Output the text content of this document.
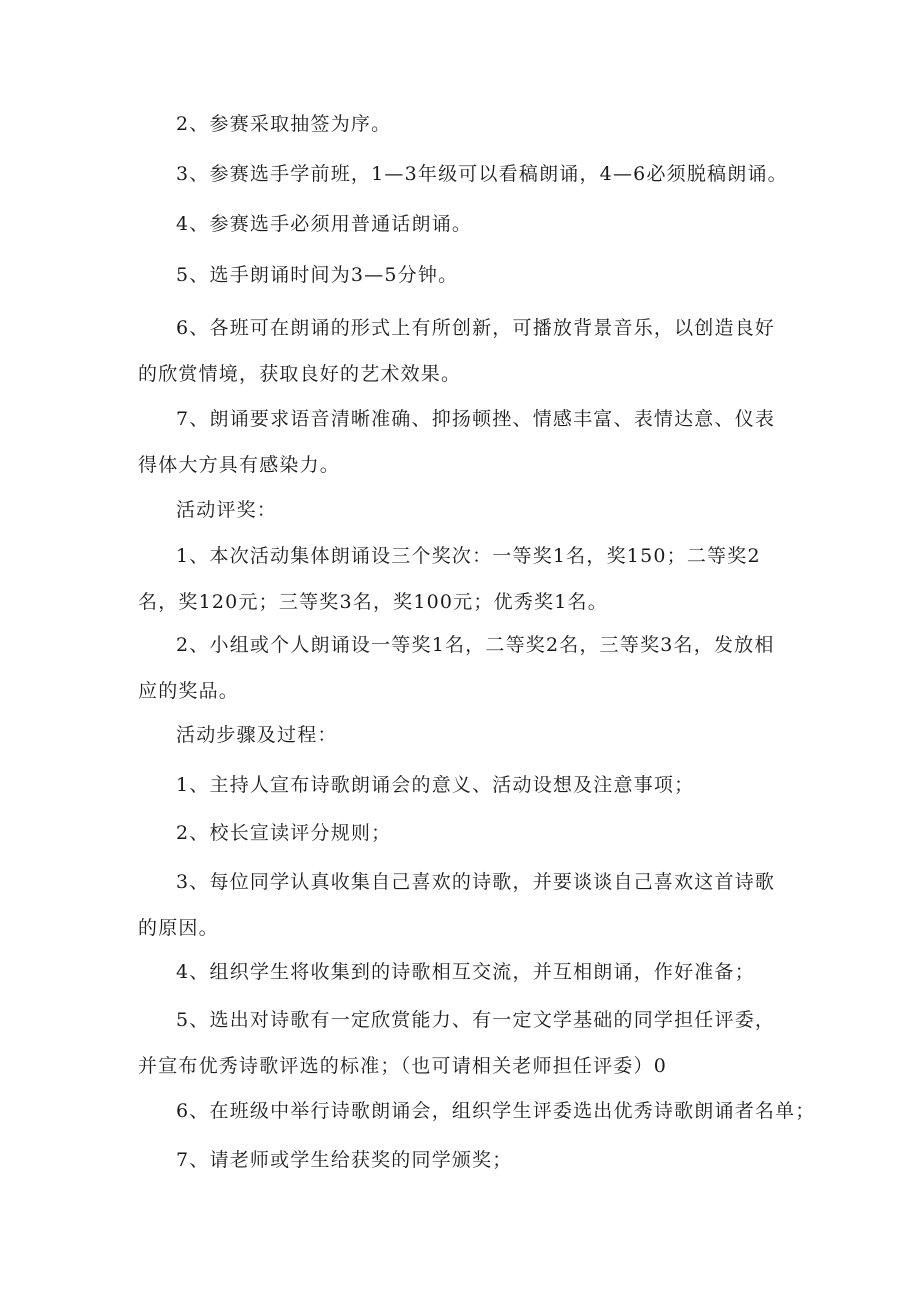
2、参赛采取抽签为序。

3、参赛选手学前班，1—3年级可以看稿朗诵，4—6必须脱稿朗诵。

4、参赛选手必须用普通话朗诵。

5、选手朗诵时间为3—5分钟。

6、各班可在朗诵的形式上有所创新，可播放背景音乐，以创造良好的欣赏情境，获取良好的艺术效果。

7、朗诵要求语音清晰准确、抑扬顿挫、情感丰富、表情达意、仪表得体大方具有感染力。

活动评奖：

1、本次活动集体朗诵设三个奖次：一等奖1名，奖150；二等奖2名，奖120元；三等奖3名，奖100元；优秀奖1名。

2、小组或个人朗诵设一等奖1名，二等奖2名，三等奖3名，发放相应的奖品。

活动步骤及过程：

1、主持人宣布诗歌朗诵会的意义、活动设想及注意事项；

2、校长宣读评分规则；

3、每位同学认真收集自己喜欢的诗歌，并要谈谈自己喜欢这首诗歌的原因。

4、组织学生将收集到的诗歌相互交流，并互相朗诵，作好准备；

5、选出对诗歌有一定欣赏能力、有一定文学基础的同学担任评委，并宣布优秀诗歌评选的标准；（也可请相关老师担任评委）0

6、在班级中举行诗歌朗诵会，组织学生评委选出优秀诗歌朗诵者名单；

7、请老师或学生给获奖的同学颁奖；
